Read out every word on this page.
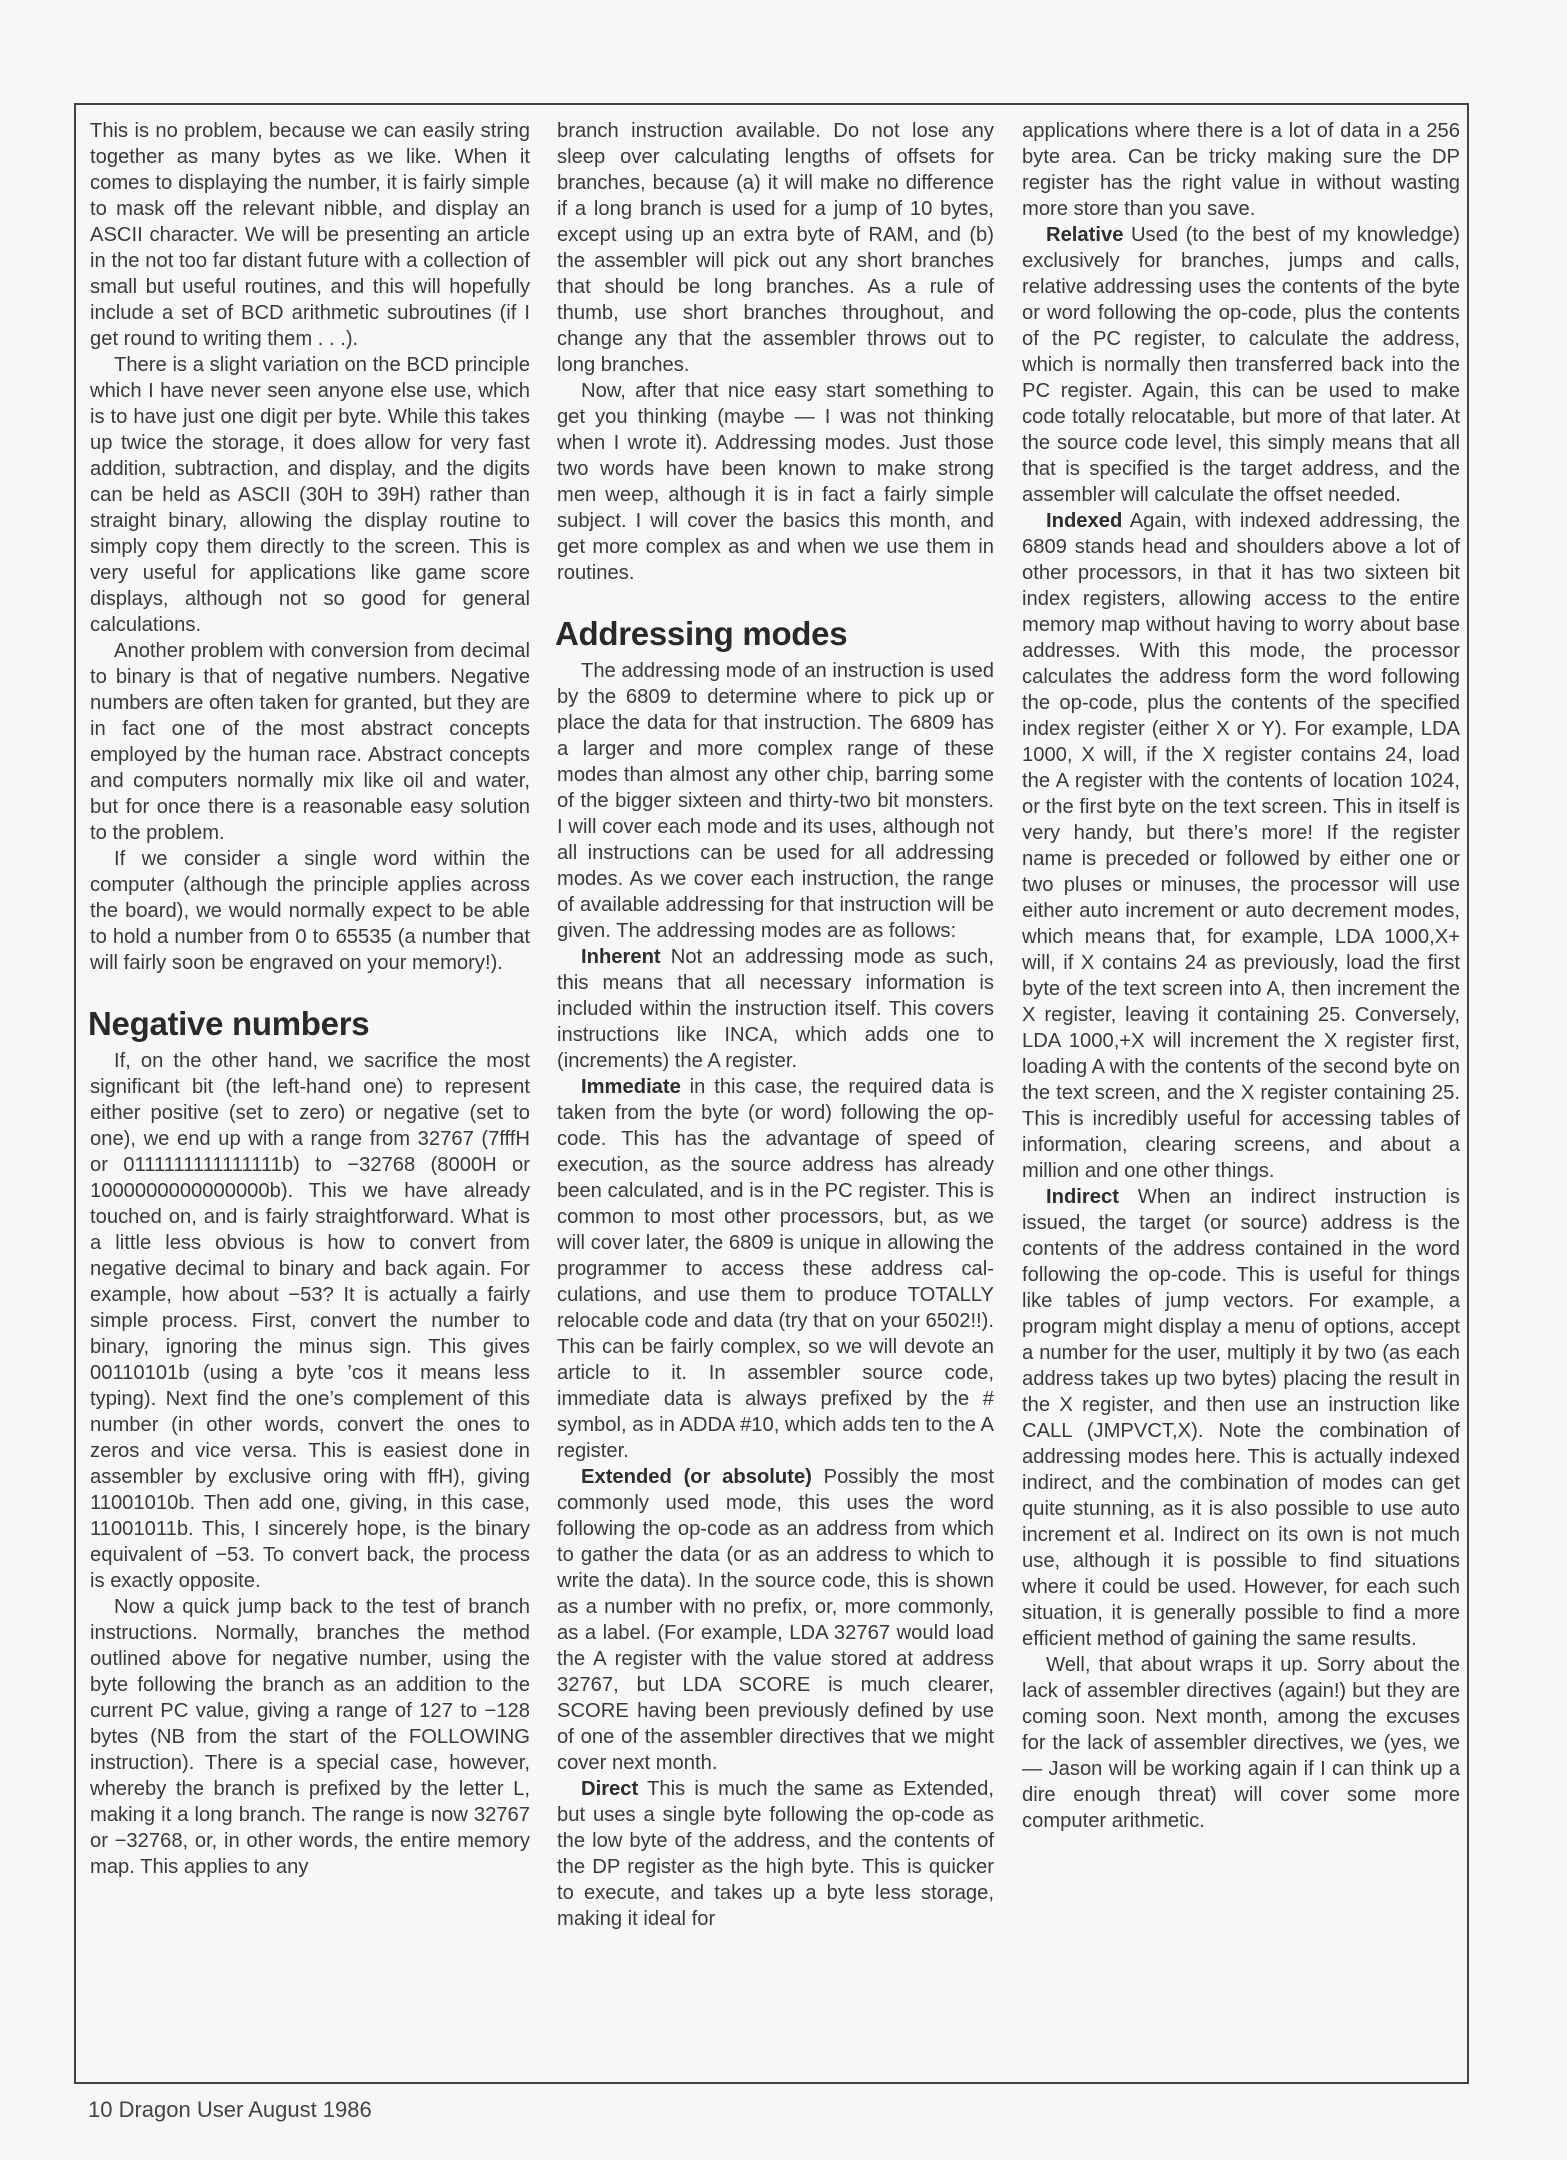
This is no problem, because we can easily string together as many bytes as we like. When it comes to displaying the number, it is fairly simple to mask off the relevant nibble, and display an ASCII character. We will be presenting an article in the not too far distant future with a collection of small but useful routines, and this will hopefully include a set of BCD arithmetic subroutines (if I get round to writing them . . .).

There is a slight variation on the BCD principle which I have never seen anyone else use, which is to have just one digit per byte. While this takes up twice the storage, it does allow for very fast addition, subtraction, and display, and the digits can be held as ASCII (30H to 39H) rather than straight binary, allowing the display routine to simply copy them directly to the screen. This is very useful for applications like game score displays, although not so good for general calculations.

Another problem with conversion from decimal to binary is that of negative numbers. Negative numbers are often taken for granted, but they are in fact one of the most abstract concepts employed by the human race. Abstract concepts and computers normally mix like oil and water, but for once there is a reasonable easy solution to the problem.

If we consider a single word within the computer (although the principle applies across the board), we would normally expect to be able to hold a number from 0 to 65535 (a number that will fairly soon be engraved on your memory!).

Negative numbers

If, on the other hand, we sacrifice the most significant bit (the left-hand one) to represent either positive (set to zero) or negative (set to one), we end up with a range from 32767 (7fffH or 0111111111111111b) to −32768 (8000H or 1000000000000000b). This we have already touched on, and is fairly straightforward. What is a little less obvious is how to convert from negative decimal to binary and back again. For example, how about −53? It is actually a fairly simple process. First, convert the number to binary, ignoring the minus sign. This gives 00110101b (using a byte ’cos it means less typing). Next find the one’s complement of this number (in other words, convert the ones to zeros and vice versa. This is easiest done in assembler by exclusive oring with ffH), giving 11001010b. Then add one, giving, in this case, 11001011b. This, I sincerely hope, is the binary equivalent of −53. To convert back, the process is exactly opposite.

Now a quick jump back to the test of branch instructions. Normally, branches the method outlined above for negative number, using the byte following the branch as an addition to the current PC value, giving a range of 127 to −128 bytes (NB from the start of the FOLLOWING instruction). There is a special case, however, whereby the branch is prefixed by the letter L, making it a long branch. The range is now 32767 or −32768, or, in other words, the entire memory map. This applies to any

branch instruction available. Do not lose any sleep over calculating lengths of offsets for branches, because (a) it will make no difference if a long branch is used for a jump of 10 bytes, except using up an extra byte of RAM, and (b) the assembler will pick out any short branches that should be long branches. As a rule of thumb, use short branches throughout, and change any that the assembler throws out to long branches.

Now, after that nice easy start something to get you thinking (maybe — I was not thinking when I wrote it). Addressing modes. Just those two words have been known to make strong men weep, although it is in fact a fairly simple subject. I will cover the basics this month, and get more complex as and when we use them in routines.

Addressing modes

The addressing mode of an instruction is used by the 6809 to determine where to pick up or place the data for that instruction. The 6809 has a larger and more complex range of these modes than almost any other chip, barring some of the bigger sixteen and thirty-two bit monsters. I will cover each mode and its uses, although not all instructions can be used for all addressing modes. As we cover each instruction, the range of available addressing for that instruction will be given. The addressing modes are as follows:

Inherent Not an addressing mode as such, this means that all necessary information is included within the instruction itself. This covers instructions like INCA, which adds one to (increments) the A register.

Immediate in this case, the required data is taken from the byte (or word) following the op-code. This has the advantage of speed of execution, as the source address has already been calculated, and is in the PC register. This is common to most other processors, but, as we will cover later, the 6809 is unique in allowing the programmer to access these address calculations, and use them to produce TOTALLY relocable code and data (try that on your 6502!!). This can be fairly complex, so we will devote an article to it. In assembler source code, immediate data is always prefixed by the # symbol, as in ADDA #10, which adds ten to the A register.

Extended (or absolute) Possibly the most commonly used mode, this uses the word following the op-code as an address from which to gather the data (or as an address to which to write the data). In the source code, this is shown as a number with no prefix, or, more commonly, as a label. (For example, LDA 32767 would load the A register with the value stored at address 32767, but LDA SCORE is much clearer, SCORE having been previously defined by use of one of the assembler directives that we might cover next month.

Direct This is much the same as Extended, but uses a single byte following the op-code as the low byte of the address, and the contents of the DP register as the high byte. This is quicker to execute, and takes up a byte less storage, making it ideal for

applications where there is a lot of data in a 256 byte area. Can be tricky making sure the DP register has the right value in without wasting more store than you save.

Relative Used (to the best of my knowledge) exclusively for branches, jumps and calls, relative addressing uses the contents of the byte or word following the op-code, plus the contents of the PC register, to calculate the address, which is normally then transferred back into the PC register. Again, this can be used to make code totally relocatable, but more of that later. At the source code level, this simply means that all that is specified is the target address, and the assembler will calculate the offset needed.

Indexed Again, with indexed addressing, the 6809 stands head and shoulders above a lot of other processors, in that it has two sixteen bit index registers, allowing access to the entire memory map without having to worry about base addresses. With this mode, the processor calculates the address form the word following the op-code, plus the contents of the specified index register (either X or Y). For example, LDA 1000, X will, if the X register contains 24, load the A register with the contents of location 1024, or the first byte on the text screen. This in itself is very handy, but there’s more! If the register name is preceded or followed by either one or two pluses or minuses, the processor will use either auto increment or auto decrement modes, which means that, for example, LDA 1000,X+ will, if X contains 24 as previously, load the first byte of the text screen into A, then increment the X register, leaving it containing 25. Conversely, LDA 1000,+X will increment the X register first, loading A with the contents of the second byte on the text screen, and the X register containing 25. This is incredibly useful for accessing tables of information, clearing screens, and about a million and one other things.

Indirect When an indirect instruction is issued, the target (or source) address is the contents of the address contained in the word following the op-code. This is useful for things like tables of jump vectors. For example, a program might display a menu of options, accept a number for the user, multiply it by two (as each address takes up two bytes) placing the result in the X register, and then use an instruction like CALL (JMPVCT,X). Note the combination of addressing modes here. This is actually indexed indirect, and the combination of modes can get quite stunning, as it is also possible to use auto increment et al. Indirect on its own is not much use, although it is possible to find situations where it could be used. However, for each such situation, it is generally possible to find a more efficient method of gaining the same results.

Well, that about wraps it up. Sorry about the lack of assembler directives (again!) but they are coming soon. Next month, among the excuses for the lack of assembler directives, we (yes, we — Jason will be working again if I can think up a dire enough threat) will cover some more computer arithmetic.

10 Dragon User August 1986
